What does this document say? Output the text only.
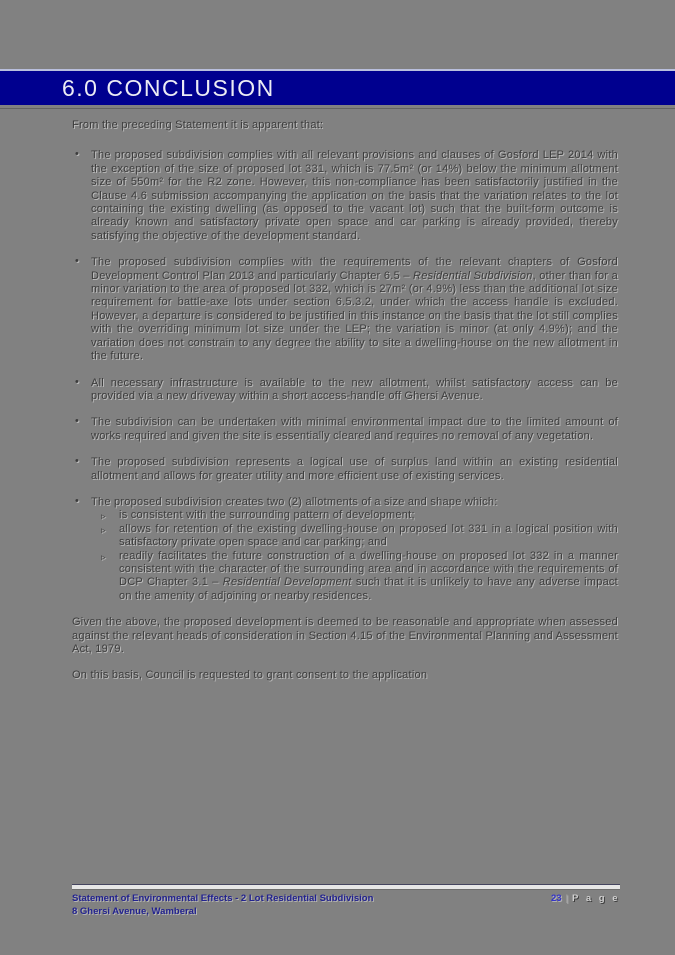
6.0 CONCLUSION

From the preceding Statement it is apparent that:

• The proposed subdivision complies with all relevant provisions and clauses of Gosford LEP 2014 with the exception of the size of proposed lot 331, which is 77.5m² (or 14%) below the minimum allotment size of 550m² for the R2 zone. However, this non-compliance has been satisfactorily justified in the Clause 4.6 submission accompanying the application on the basis that the variation relates to the lot containing the existing dwelling (as opposed to the vacant lot) such that the built-form outcome is already known and satisfactory private open space and car parking is already provided, thereby satisfying the objective of the development standard.
• The proposed subdivision complies with the requirements of the relevant chapters of Gosford Development Control Plan 2013 and particularly Chapter 6.5 – Residential Subdivision, other than for a minor variation to the area of proposed lot 332, which is 27m² (or 4.9%) less than the additional lot size requirement for battle-axe lots under section 6.5.3.2, under which the access handle is excluded. However, a departure is considered to be justified in this instance on the basis that the lot still complies with the overriding minimum lot size under the LEP; the variation is minor (at only 4.9%); and the variation does not constrain to any degree the ability to site a dwelling-house on the new allotment in the future.
• All necessary infrastructure is available to the new allotment, whilst satisfactory access can be provided via a new driveway within a short access-handle off Ghersi Avenue.
• The subdivision can be undertaken with minimal environmental impact due to the limited amount of works required and given the site is essentially cleared and requires no removal of any vegetation.
• The proposed subdivision represents a logical use of surplus land within an existing residential allotment and allows for greater utility and more efficient use of existing services.
• The proposed subdivision creates two (2) allotments of a size and shape which:
▹ is consistent with the surrounding pattern of development;
▹ allows for retention of the existing dwelling-house on proposed lot 331 in a logical position with satisfactory private open space and car parking; and
▹ readily facilitates the future construction of a dwelling-house on proposed lot 332 in a manner consistent with the character of the surrounding area and in accordance with the requirements of DCP Chapter 3.1 – Residential Development such that it is unlikely to have any adverse impact on the amenity of adjoining or nearby residences.

Given the above, the proposed development is deemed to be reasonable and appropriate when assessed against the relevant heads of consideration in Section 4.15 of the Environmental Planning and Assessment Act, 1979.

On this basis, Council is requested to grant consent to the application

Statement of Environmental Effects - 2 Lot Residential Subdivision
8 Ghersi Avenue, Wamberal
23 | P a g e
